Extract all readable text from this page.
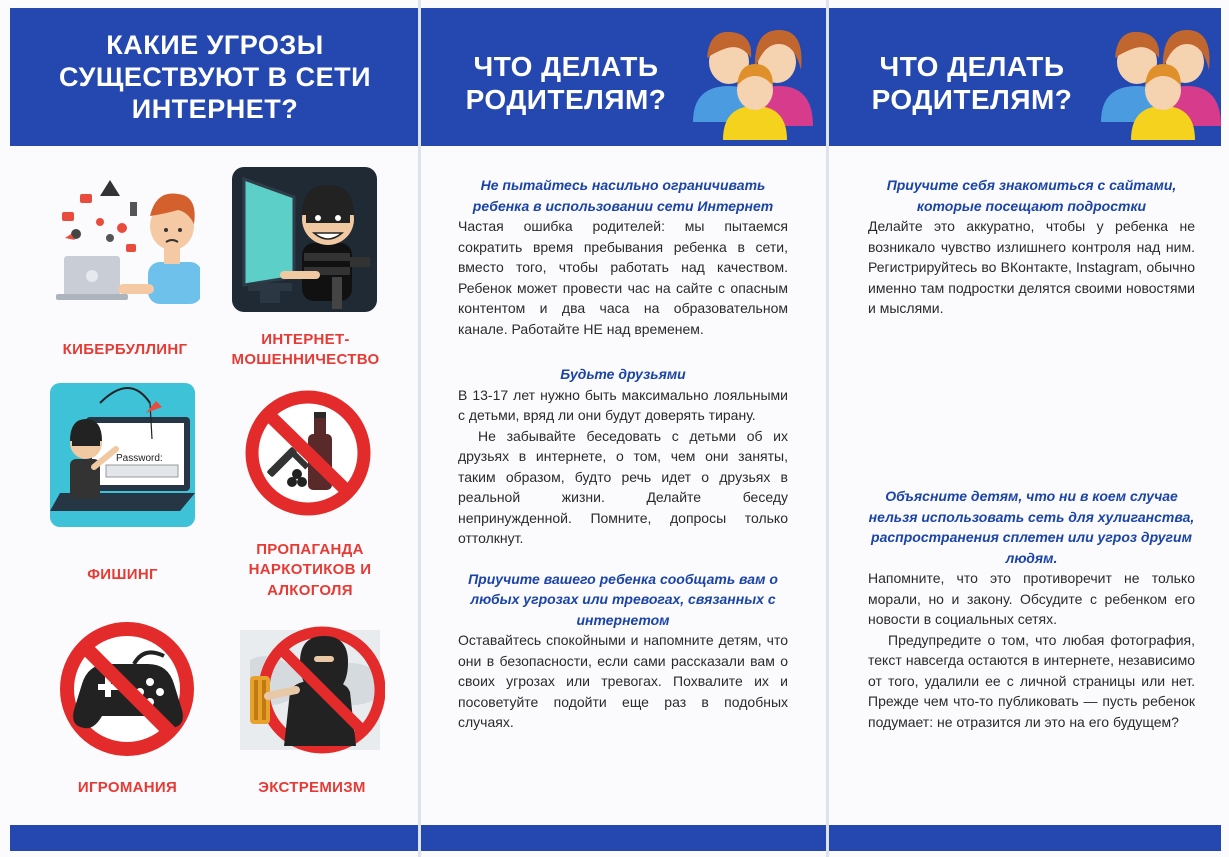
КАКИЕ УГРОЗЫ СУЩЕСТВУЮТ В СЕТИ ИНТЕРНЕТ?
КИБЕРБУЛЛИНГ
ИНТЕРНЕТ-МОШЕННИЧЕСТВО
Password:
ФИШИНГ
ПРОПАГАНДА НАРКОТИКОВ И АЛКОГОЛЯ
ИГРОМАНИЯ	ЭКСТРЕМИЗМ
ЧТО ДЕЛАТЬ РОДИТЕЛЯМ?
Не пытайтесь насильно ограничивать ребенка в использовании сети Интернет

Частая ошибка родителей: мы пытаемся сократить время пребывания ребенка в сети, вместо того, чтобы работать над качеством. Ребенок может провести час на сайте с опасным контентом и два часа на образовательном канале. Работайте НЕ над временем.

Будьте друзьями

В 13-17 лет нужно быть максимально лояльными с детьми, вряд ли они будут доверять тирану.

Не забывайте беседовать с детьми об их друзьях в интернете, о том, чем они заняты, таким образом, будто речь идет о друзьях в реальной жизни. Делайте беседу непринужденной. Помните, допросы только оттолкнут.

Приучите вашего ребенка сообщать вам о любых угрозах или тревогах, связанных с интернетом

Оставайтесь спокойными и напомните детям, что они в безопасности, если сами рассказали вам о своих угрозах или тревогах. Похвалите их и посоветуйте подойти еще раз в подобных случаях.

ЧТО ДЕЛАТЬ РОДИТЕЛЯМ?
Приучите себя знакомиться с сайтами, которые посещают подростки

Делайте это аккуратно, чтобы у ребенка не возникало чувство излишнего контроля над ним. Регистрируйтесь во ВКонтакте, Instagram, обычно именно там подростки делятся своими новостями и мыслями.

Объясните детям, что ни в коем случае нельзя использовать сеть для хулиганства, распространения сплетен или угроз другим людям.

Напомните, что это противоречит не только морали, но и закону. Обсудите с ребенком его новости в социальных сетях.

Предупредите о том, что любая фотография, текст навсегда остаются в интернете, независимо от того, удалили ее с личной страницы или нет. Прежде чем что-то публиковать — пусть ребенок подумает: не отразится ли это на его будущем?
